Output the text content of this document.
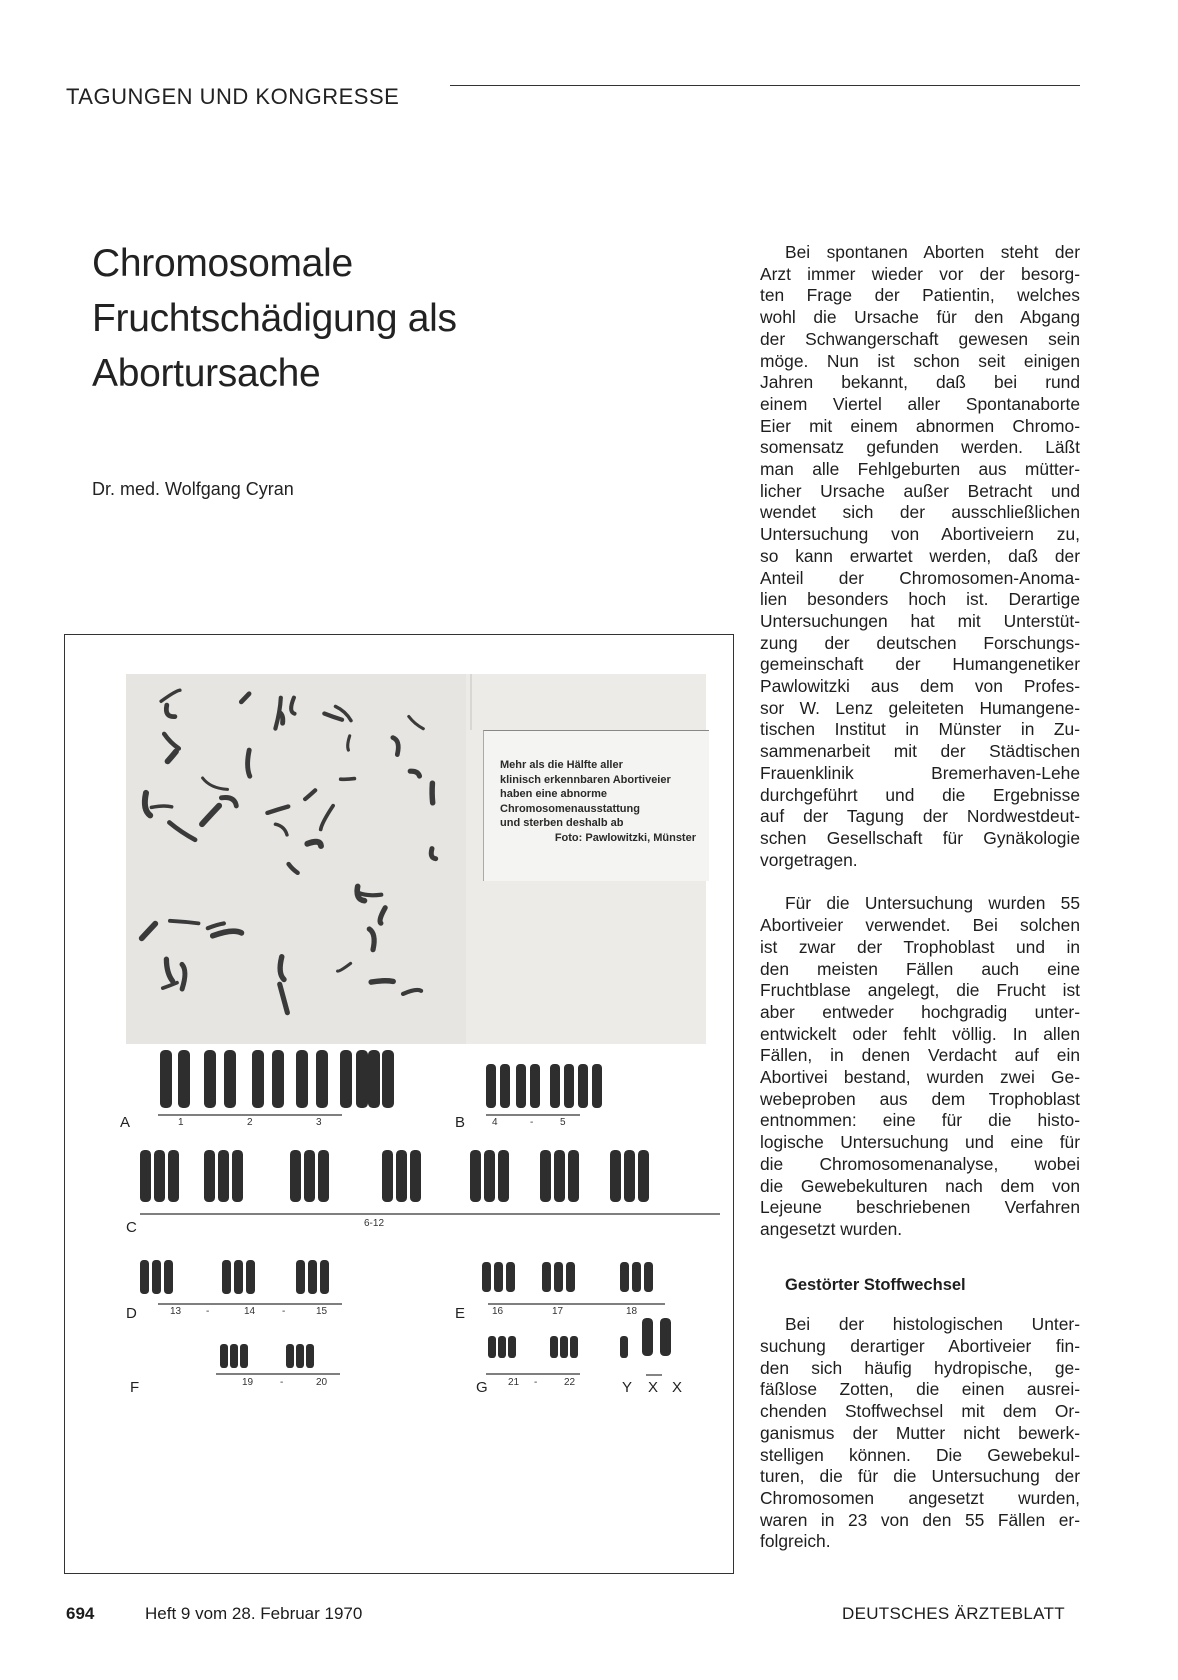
TAGUNGEN UND KONGRESSE
Chromosomale
Fruchtschädigung als
Abortursache
Dr. med. Wolfgang Cyran
Mehr als die Hälfte aller
klinisch erkennbaren Abortiveier
haben eine abnorme
Chromosomenausstattung
und sterben deshalb ab
Foto: Pawlowitzki, Münster
A	1	2	3	B	4	-	5
C	6-12
D	13 -	14	-	15	E	16	17	18
F	19	-	20	G 21 -	22	Y X X

Bei spontanen Aborten steht der
Arzt immer wieder vor der besorg-
ten Frage der Patientin, welches
wohl die Ursache für den Abgang
der Schwangerschaft gewesen sein
möge. Nun ist schon seit einigen
Jahren bekannt, daß bei rund
einem Viertel aller Spontanaborte
Eier mit einem abnormen Chromo-
somensatz gefunden werden. Läßt
man alle Fehlgeburten aus mütter-
licher Ursache außer Betracht und
wendet sich der ausschließlichen
Untersuchung von Abortiveiern zu,
so kann erwartet werden, daß der
Anteil der Chromosomen-Anoma-
lien besonders hoch ist. Derartige
Untersuchungen hat mit Unterstüt-
zung der deutschen Forschungs-
gemeinschaft der Humangenetiker
Pawlowitzki aus dem von Profes-
sor W. Lenz geleiteten Humangene-
tischen Institut in Münster in Zu-
sammenarbeit mit der Städtischen
Frauenklinik Bremerhaven-Lehe
durchgeführt und die Ergebnisse
auf der Tagung der Nordwestdeut-
schen Gesellschaft für Gynäkologie
vorgetragen.

Für die Untersuchung wurden 55
Abortiveier verwendet. Bei solchen
ist zwar der Trophoblast und in
den meisten Fällen auch eine
Fruchtblase angelegt, die Frucht ist
aber entweder hochgradig unter-
entwickelt oder fehlt völlig. In allen
Fällen, in denen Verdacht auf ein
Abortivei bestand, wurden zwei Ge-
webeproben aus dem Trophoblast
entnommen: eine für die histo-
logische Untersuchung und eine für
die Chromosomenanalyse, wobei
die Gewebekulturen nach dem von
Lejeune beschriebenen Verfahren
angesetzt wurden.

Gestörter Stoffwechsel

Bei der histologischen Unter-
suchung derartiger Abortiveier fin-
den sich häufig hydropische, ge-
fäßlose Zotten, die einen ausrei-
chenden Stoffwechsel mit dem Or-
ganismus der Mutter nicht bewerk-
stelligen können. Die Gewebekul-
turen, die für die Untersuchung der
Chromosomen angesetzt wurden,
waren in 23 von den 55 Fällen er-
folgreich.

694	Heft 9 vom 28. Februar 1970	DEUTSCHES ÄRZTEBLATT
